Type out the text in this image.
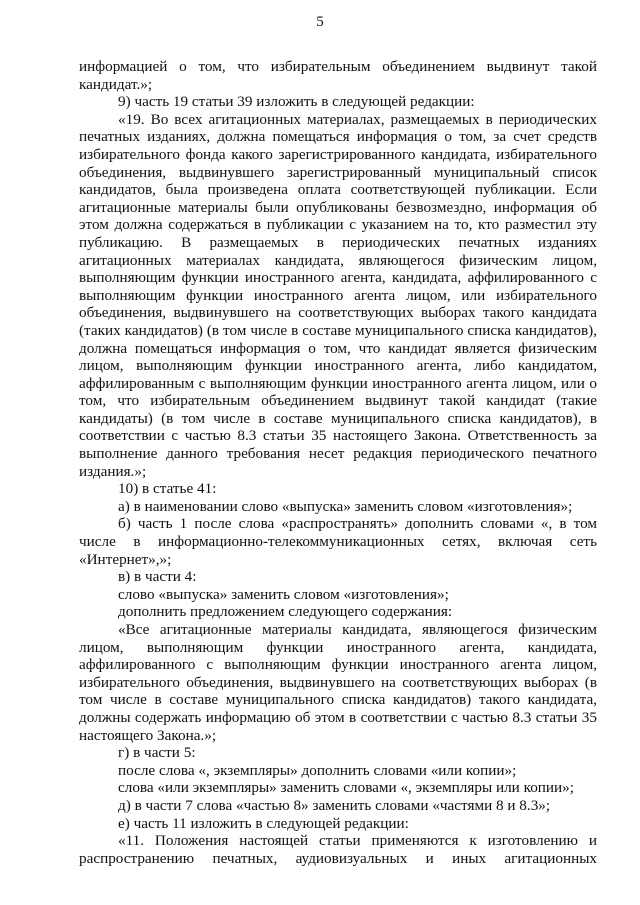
5

информацией о том, что избирательным объединением выдвинут такой кандидат.»;

9) часть 19 статьи 39 изложить в следующей редакции:

«19. Во всех агитационных материалах, размещаемых в периодических печатных изданиях, должна помещаться информация о том, за счет средств избирательного фонда какого зарегистрированного кандидата, избирательного объединения, выдвинувшего зарегистрированный муниципальный список кандидатов, была произведена оплата соответствующей публикации. Если агитационные материалы были опубликованы безвозмездно, информация об этом должна содержаться в публикации с указанием на то, кто разместил эту публикацию. В размещаемых в периодических печатных изданиях агитационных материалах кандидата, являющегося физическим лицом, выполняющим функции иностранного агента, кандидата, аффилированного с выполняющим функции иностранного агента лицом, или избирательного объединения, выдвинувшего на соответствующих выборах такого кандидата (таких кандидатов) (в том числе в составе муниципального списка кандидатов), должна помещаться информация о том, что кандидат является физическим лицом, выполняющим функции иностранного агента, либо кандидатом, аффилированным с выполняющим функции иностранного агента лицом, или о том, что избирательным объединением выдвинут такой кандидат (такие кандидаты) (в том числе в составе муниципального списка кандидатов), в соответствии с частью 8.3 статьи 35 настоящего Закона. Ответственность за выполнение данного требования несет редакция периодического печатного издания.»;

10) в статье 41:

а) в наименовании слово «выпуска» заменить словом «изготовления»;

б) часть 1 после слова «распространять» дополнить словами «, в том числе в информационно-телекоммуникационных сетях, включая сеть «Интернет»,»;

в) в части 4:

слово «выпуска» заменить словом «изготовления»;

дополнить предложением следующего содержания:

«Все агитационные материалы кандидата, являющегося физическим лицом, выполняющим функции иностранного агента, кандидата, аффилированного с выполняющим функции иностранного агента лицом, избирательного объединения, выдвинувшего на соответствующих выборах (в том числе в составе муниципального списка кандидатов) такого кандидата, должны содержать информацию об этом в соответствии с частью 8.3 статьи 35 настоящего Закона.»;

г) в части 5:

после слова «, экземпляры» дополнить словами «или копии»;

слова «или экземпляры» заменить словами «, экземпляры или копии»;

д) в части 7 слова «частью 8» заменить словами «частями 8 и 8.3»;

е) часть 11 изложить в следующей редакции:

«11. Положения настоящей статьи применяются к изготовлению и распространению печатных, аудиовизуальных и иных агитационных
